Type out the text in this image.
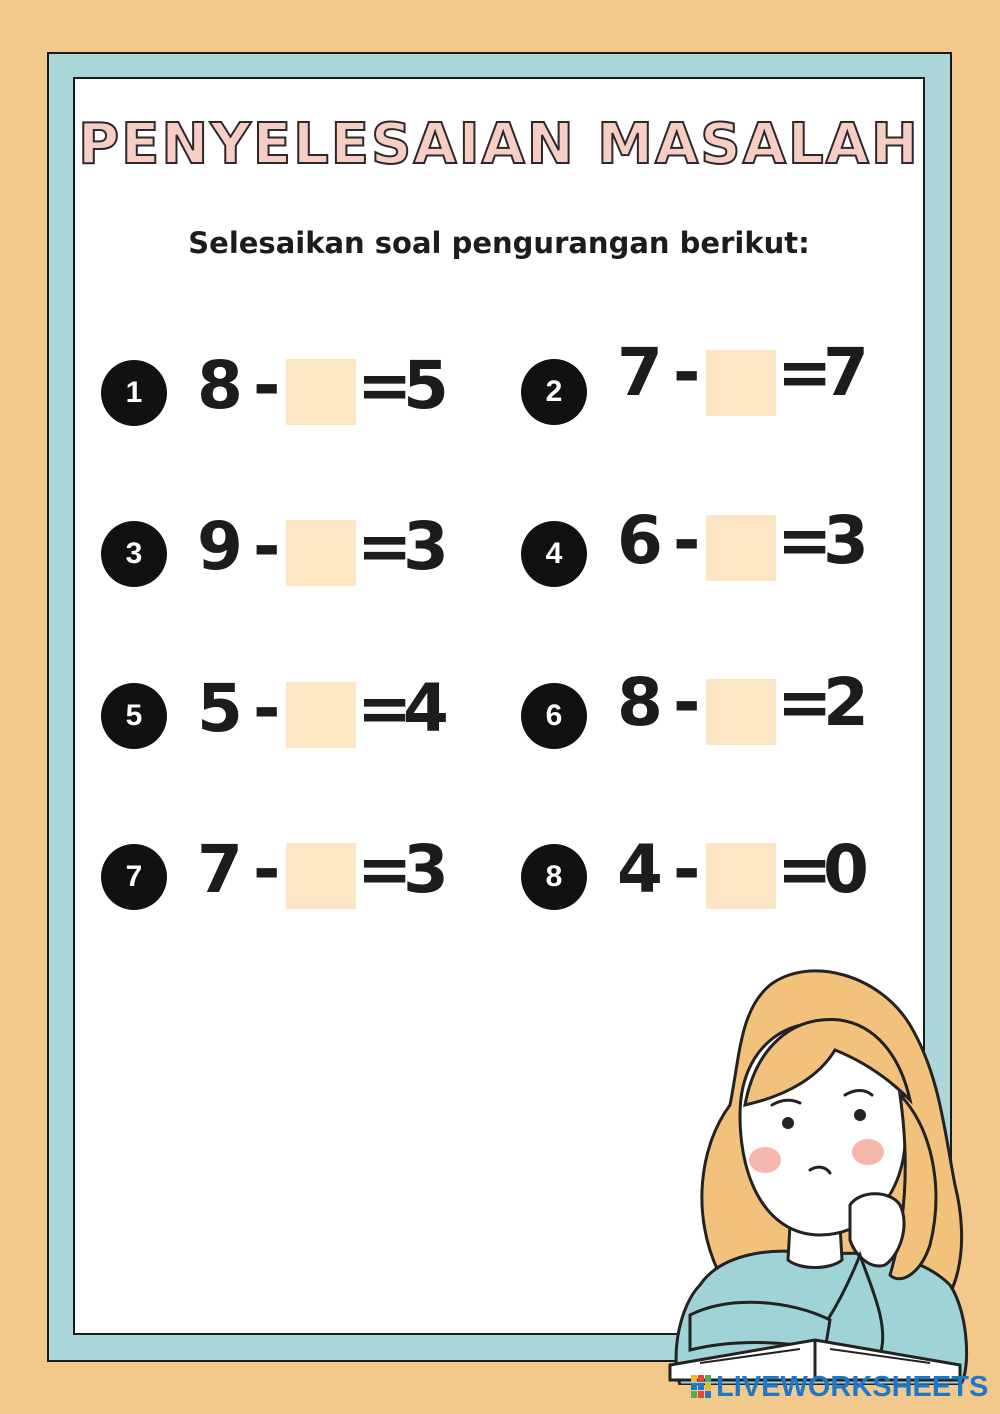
PENYELESAIAN MASALAH
Selesaikan soal pengurangan berikut:
1 8 - =
5	2 7 - =
7
3 9 - =
3	4 6 - =
3
5 5 - =
4	6 8 - =
2
7 7 - =
3	8 4 - =
0
LIVEWORKSHEETS
